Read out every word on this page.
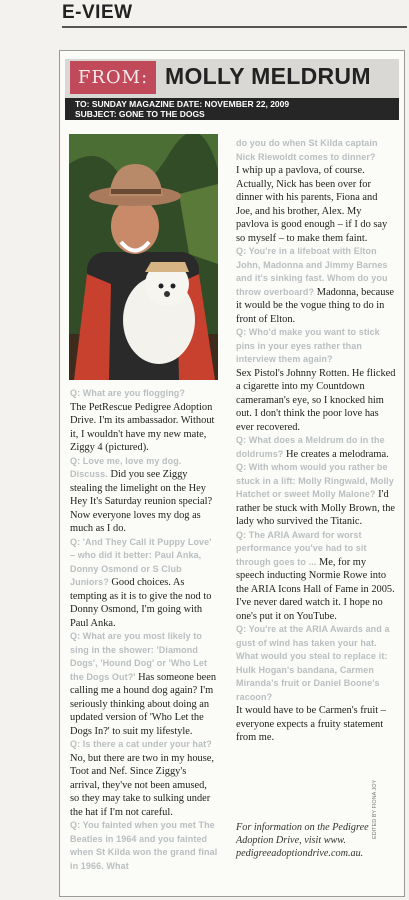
E-VIEW
FROM: MOLLY MELDRUM
TO: SUNDAY MAGAZINE DATE: NOVEMBER 22, 2009
SUBJECT: GONE TO THE DOGS

Q: What are you flogging?
The PetRescue Pedigree Adoption Drive. I'm its ambassador. Without it, I wouldn't have my new mate, Ziggy 4 (pictured).

Q: Love me, love my dog. Discuss. Did you see Ziggy stealing the limelight on the Hey Hey It's Saturday reunion special? Now everyone loves my dog as much as I do.

Q: 'And They Call it Puppy Love' – who did it better: Paul Anka, Donny Osmond or S Club Juniors? Good choices. As tempting as it is to give the nod to Donny Osmond, I'm going with Paul Anka.

Q: What are you most likely to sing in the shower: 'Diamond Dogs', 'Hound Dog' or 'Who Let the Dogs Out?' Has someone been calling me a hound dog again? I'm seriously thinking about doing an updated version of 'Who Let the Dogs In?' to suit my lifestyle.

Q: Is there a cat under your hat?
No, but there are two in my house, Toot and Nef. Since Ziggy's arrival, they've not been amused, so they may take to sulking under the hat if I'm not careful.

Q: You fainted when you met The Beatles in 1964 and you fainted when St Kilda won the grand final in 1966. What

do you do when St Kilda captain Nick Riewoldt comes to dinner?
I whip up a pavlova, of course. Actually, Nick has been over for dinner with his parents, Fiona and Joe, and his brother, Alex. My pavlova is good enough – if I do say so myself – to make them faint.

Q: You're in a lifeboat with Elton John, Madonna and Jimmy Barnes and it's sinking fast. Whom do you throw overboard? Madonna, because it would be the vogue thing to do in front of Elton.

Q: Who'd make you want to stick pins in your eyes rather than interview them again?
Sex Pistol's Johnny Rotten. He flicked a cigarette into my Countdown cameraman's eye, so I knocked him out. I don't think the poor love has ever recovered.

Q: What does a Meldrum do in the doldrums? He creates a melodrama.

Q: With whom would you rather be stuck in a lift: Molly Ringwald, Molly Hatchet or sweet Molly Malone? I'd rather be stuck with Molly Brown, the lady who survived the Titanic.

Q: The ARIA Award for worst performance you've had to sit through goes to ... Me, for my speech inducting Normie Rowe into the ARIA Icons Hall of Fame in 2005. I've never dared watch it. I hope no one's put it on YouTube.

Q: You're at the ARIA Awards and a gust of wind has taken your hat. What would you steal to replace it: Hulk Hogan's bandana, Carmen Miranda's fruit or Daniel Boone's racoon?
It would have to be Carmen's fruit – everyone expects a fruity statement from me.

For information on the Pedigree Adoption Drive, visit www. pedigreeadoptiondrive.com.au.
EDITED BY FIONA JOY
